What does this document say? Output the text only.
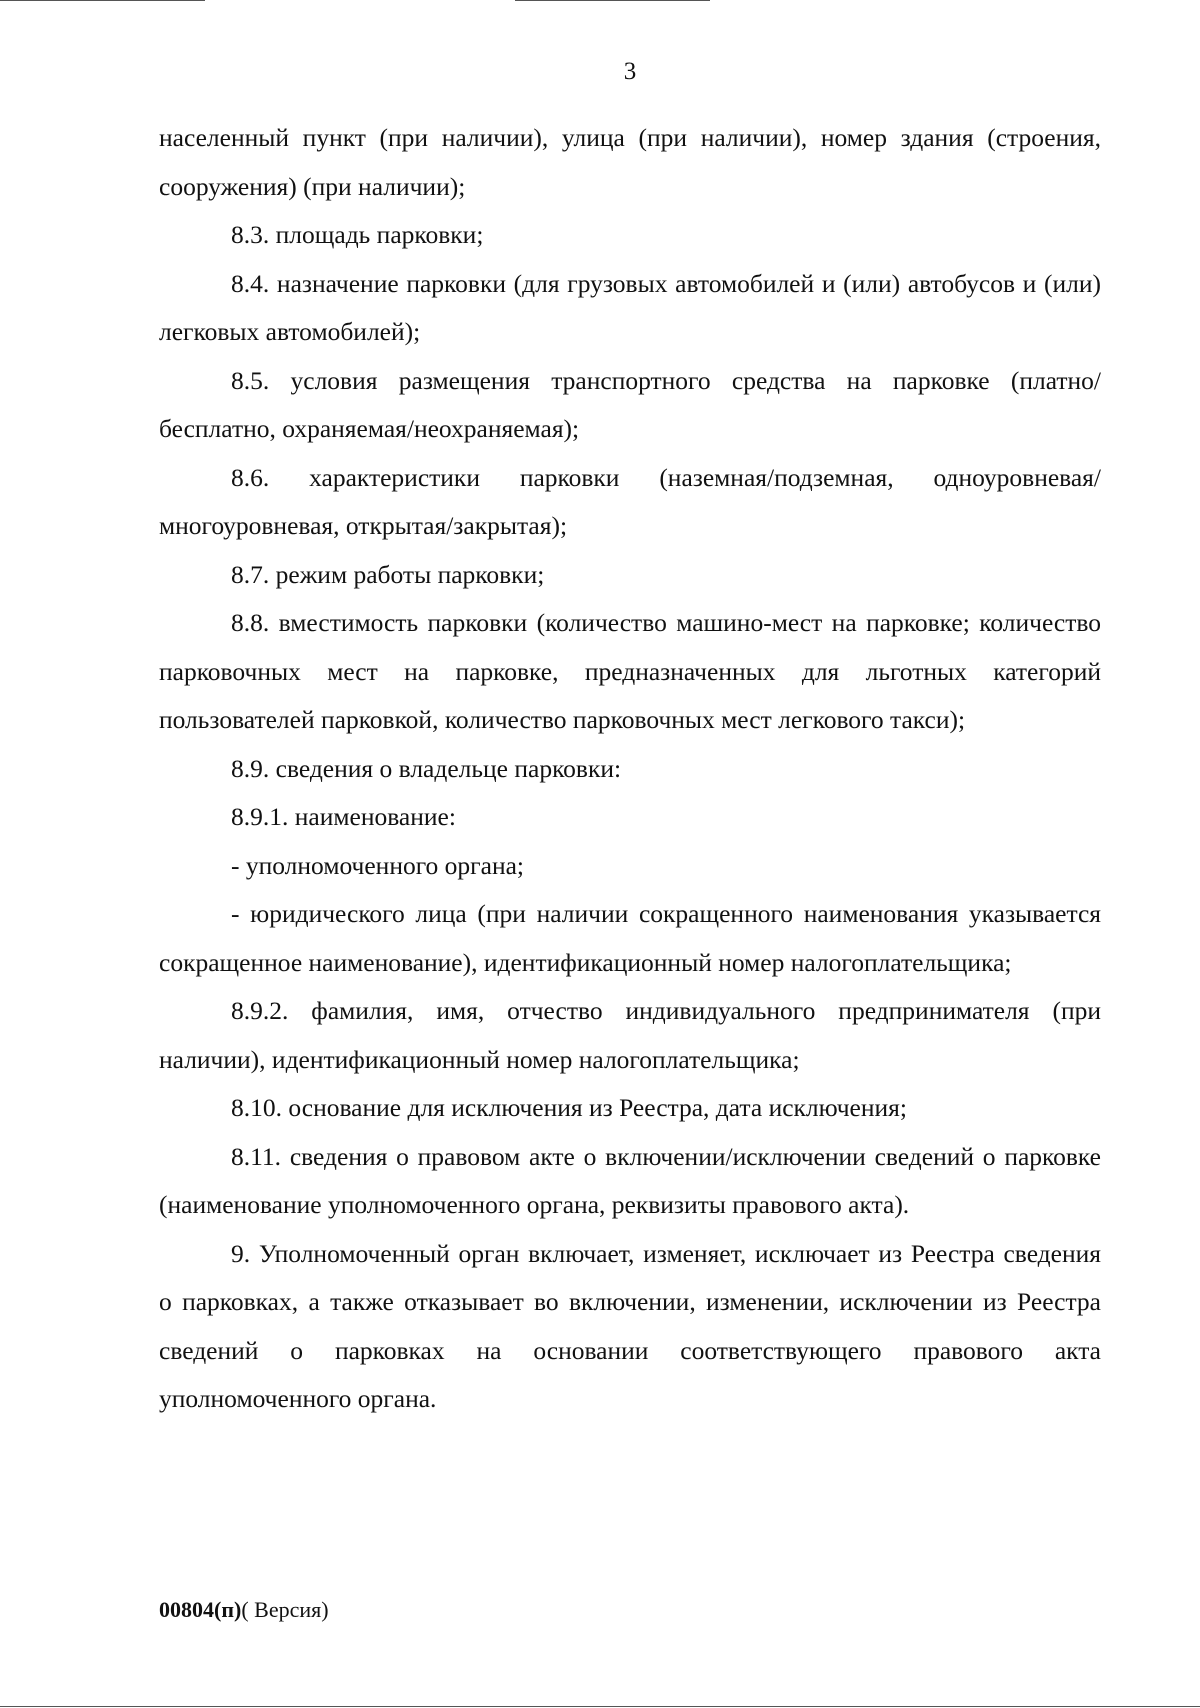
3

населенный пункт (при наличии), улица (при наличии), номер здания (строения, сооружения) (при наличии);

8.3. площадь парковки;

8.4. назначение парковки (для грузовых автомобилей и (или) автобусов и (или) легковых автомобилей);

8.5. условия размещения транспортного средства на парковке (платно/бесплатно, охраняемая/неохраняемая);

8.6. характеристики парковки (наземная/подземная, одноуровневая/многоуровневая, открытая/закрытая);

8.7. режим работы парковки;

8.8. вместимость парковки (количество машино-мест на парковке; количество парковочных мест на парковке, предназначенных для льготных категорий пользователей парковкой, количество парковочных мест легкового такси);

8.9. сведения о владельце парковки:

8.9.1. наименование:

- уполномоченного органа;

- юридического лица (при наличии сокращенного наименования указывается сокращенное наименование), идентификационный номер налогоплательщика;

8.9.2. фамилия, имя, отчество индивидуального предпринимателя (при наличии), идентификационный номер налогоплательщика;

8.10. основание для исключения из Реестра, дата исключения;

8.11. сведения о правовом акте о включении/исключении сведений о парковке (наименование уполномоченного органа, реквизиты правового акта).

9. Уполномоченный орган включает, изменяет, исключает из Реестра сведения о парковках, а также отказывает во включении, изменении, исключении из Реестра сведений о парковках на основании соответствующего правового акта уполномоченного органа.

00804(п)( Версия)
